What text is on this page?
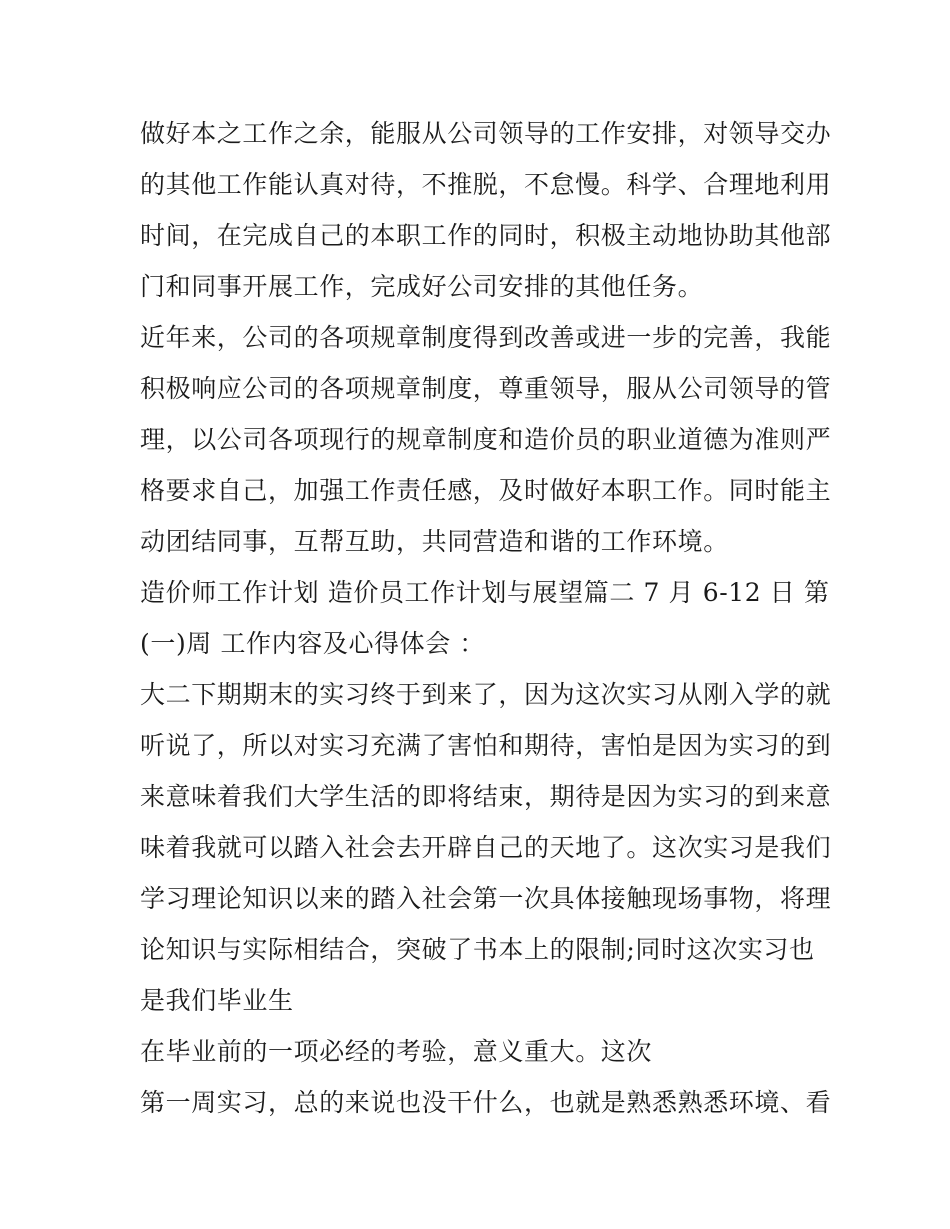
做好本之工作之余，能服从公司领导的工作安排，对领导交办
的其他工作能认真对待，不推脱，不怠慢。科学、合理地利用
时间，在完成自己的本职工作的同时，积极主动地协助其他部
门和同事开展工作，完成好公司安排的其他任务。
近年来，公司的各项规章制度得到改善或进一步的完善，我能
积极响应公司的各项规章制度，尊重领导，服从公司领导的管
理，以公司各项现行的规章制度和造价员的职业道德为准则严
格要求自己，加强工作责任感，及时做好本职工作。同时能主
动团结同事，互帮互助，共同营造和谐的工作环境。
造价师工作计划 造价员工作计划与展望篇二 7 月 6-12 日 第
(一)周 工作内容及心得体会 ：
大二下期期末的实习终于到来了，因为这次实习从刚入学的就
听说了，所以对实习充满了害怕和期待，害怕是因为实习的到
来意味着我们大学生活的即将结束，期待是因为实习的到来意
味着我就可以踏入社会去开辟自己的天地了。这次实习是我们
学习理论知识以来的踏入社会第一次具体接触现场事物，将理
论知识与实际相结合，突破了书本上的限制;同时这次实习也
是我们毕业生
在毕业前的一项必经的考验，意义重大。这次
第一周实习，总的来说也没干什么，也就是熟悉熟悉环境、看
